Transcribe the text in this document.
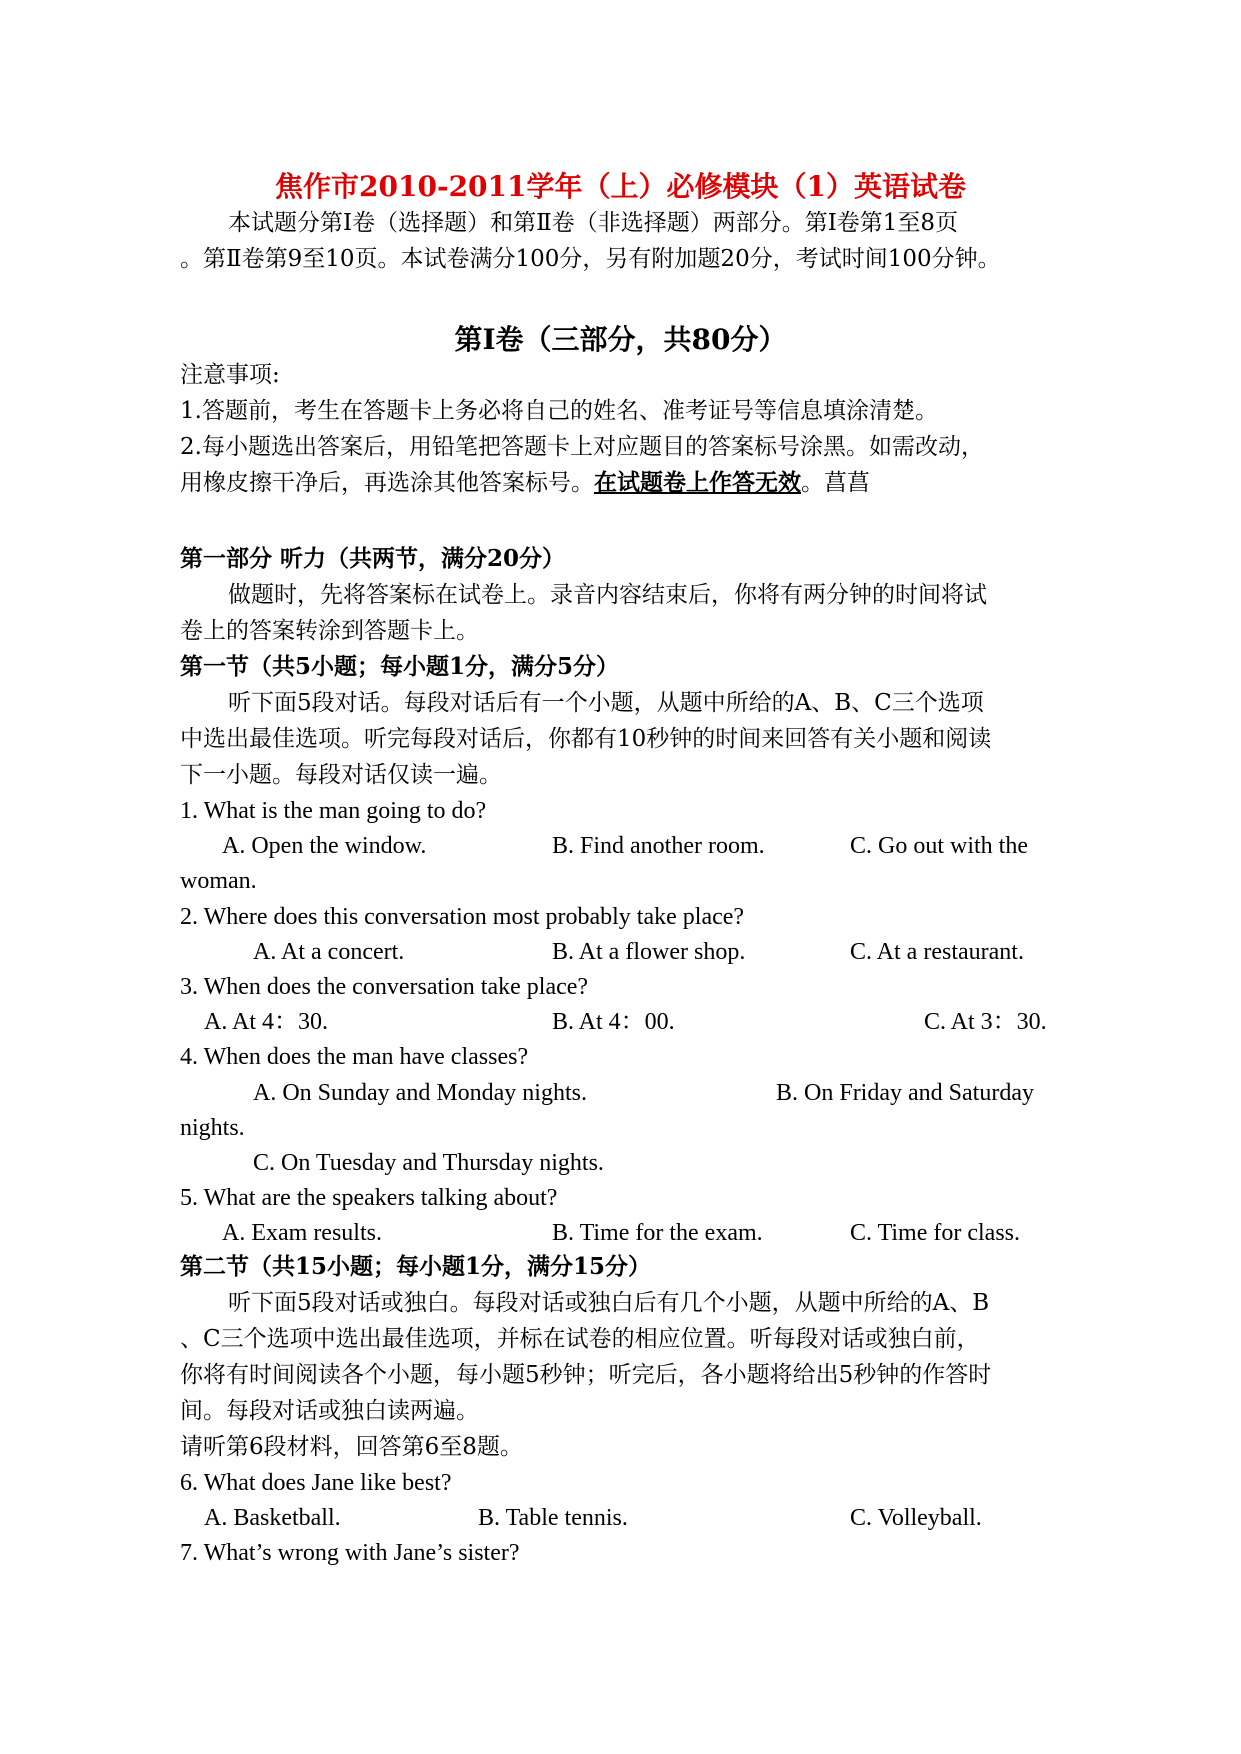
焦作市2010-2011学年（上）必修模块（1）英语试卷
本试题分第Ⅰ卷（选择题）和第Ⅱ卷（非选择题）两部分。第Ⅰ卷第1至8页
。第Ⅱ卷第9至10页。本试卷满分100分，另有附加题20分，考试时间100分钟。
第Ⅰ卷（三部分，共80分）
注意事项:
1.答题前，考生在答题卡上务必将自己的姓名、准考证号等信息填涂清楚。
2.每小题选出答案后，用铅笔把答题卡上对应题目的答案标号涂黑。如需改动，
用橡皮擦干净后，再选涂其他答案标号。在试题卷上作答无效。菖菖
第一部分 听力（共两节，满分20分）
做题时，先将答案标在试卷上。录音内容结束后，你将有两分钟的时间将试
卷上的答案转涂到答题卡上。
第一节（共5小题；每小题1分，满分5分）
听下面5段对话。每段对话后有一个小题，从题中所给的A、B、C三个选项
中选出最佳选项。听完每段对话后，你都有10秒钟的时间来回答有关小题和阅读
下一小题。每段对话仅读一遍。
1. What is the man going to do?
A. Open the window.	B. Find another room.	C. Go out with the
woman.
2. Where does this conversation most probably take place?
A. At a concert.	B. At a flower shop.	C. At a restaurant.
3. When does the conversation take place?
A. At 4：30.	B. At 4：00.	C. At 3：30.
4. When does the man have classes?
A. On Sunday and Monday nights.	B. On Friday and Saturday
nights.
C. On Tuesday and Thursday nights.
5. What are the speakers talking about?
A. Exam results.	B. Time for the exam.	C. Time for class.
第二节（共15小题；每小题1分，满分15分）
听下面5段对话或独白。每段对话或独白后有几个小题，从题中所给的A、B
、C三个选项中选出最佳选项，并标在试卷的相应位置。听每段对话或独白前，
你将有时间阅读各个小题，每小题5秒钟；听完后，各小题将给出5秒钟的作答时
间。每段对话或独白读两遍。
请听第6段材料，回答第6至8题。
6. What does Jane like best?
A. Basketball.	B. Table tennis.	C. Volleyball.
7. What’s wrong with Jane’s sister?
